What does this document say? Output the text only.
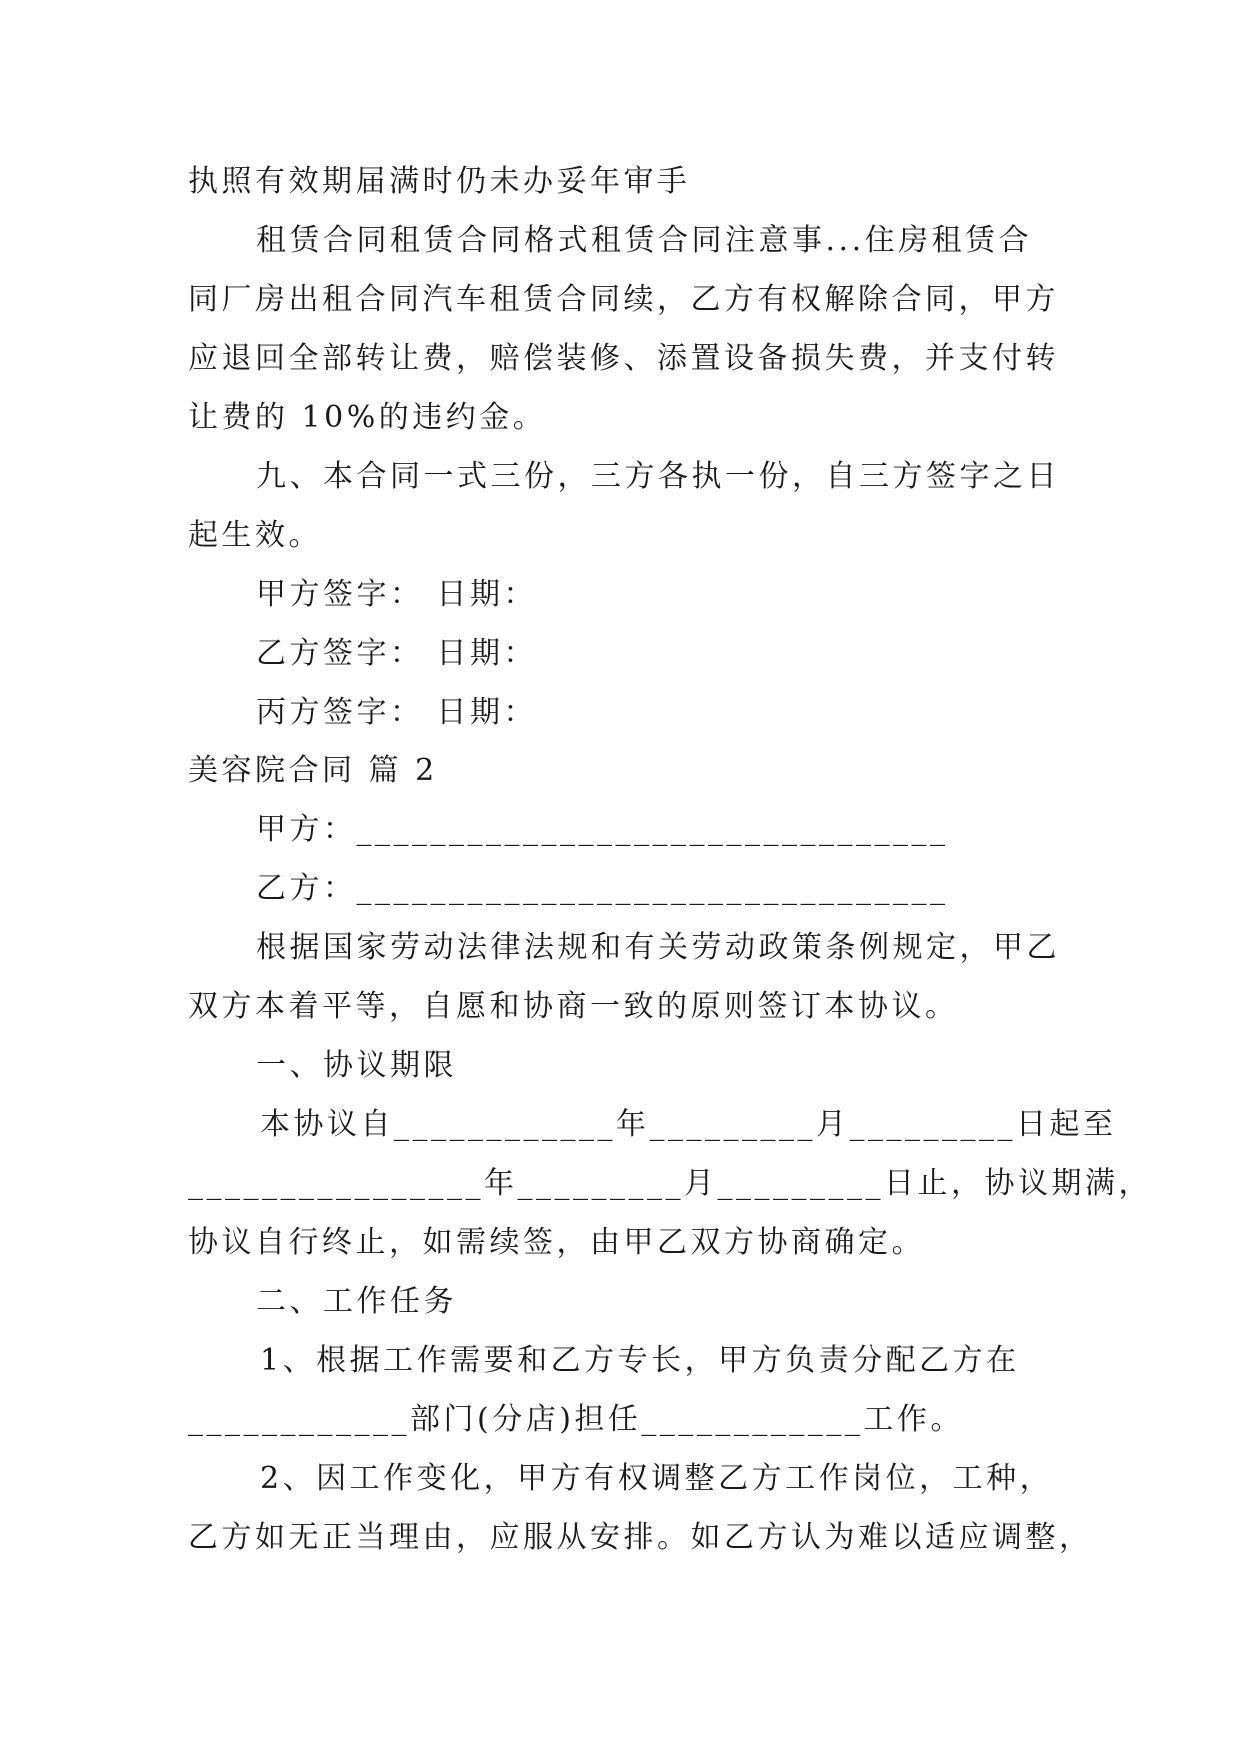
执照有效期届满时仍未办妥年审手
租赁合同租赁合同格式租赁合同注意事...住房租赁合
同厂房出租合同汽车租赁合同续，乙方有权解除合同，甲方
应退回全部转让费，赔偿装修、添置设备损失费，并支付转
让费的 10%的违约金。
九、本合同一式三份，三方各执一份，自三方签字之日
起生效。
甲方签字： 日期：
乙方签字： 日期：
丙方签字： 日期：
美容院合同 篇 2
甲方：________________________________
乙方：________________________________
根据国家劳动法律法规和有关劳动政策条例规定，甲乙
双方本着平等，自愿和协商一致的原则签订本协议。
一、协议期限
本协议自____________年_________月_________日起至
________________年_________月_________日止，协议期满，
协议自行终止，如需续签，由甲乙双方协商确定。
二、工作任务
1、根据工作需要和乙方专长，甲方负责分配乙方在
____________部门(分店)担任____________工作。
2、因工作变化，甲方有权调整乙方工作岗位，工种，
乙方如无正当理由，应服从安排。如乙方认为难以适应调整，
